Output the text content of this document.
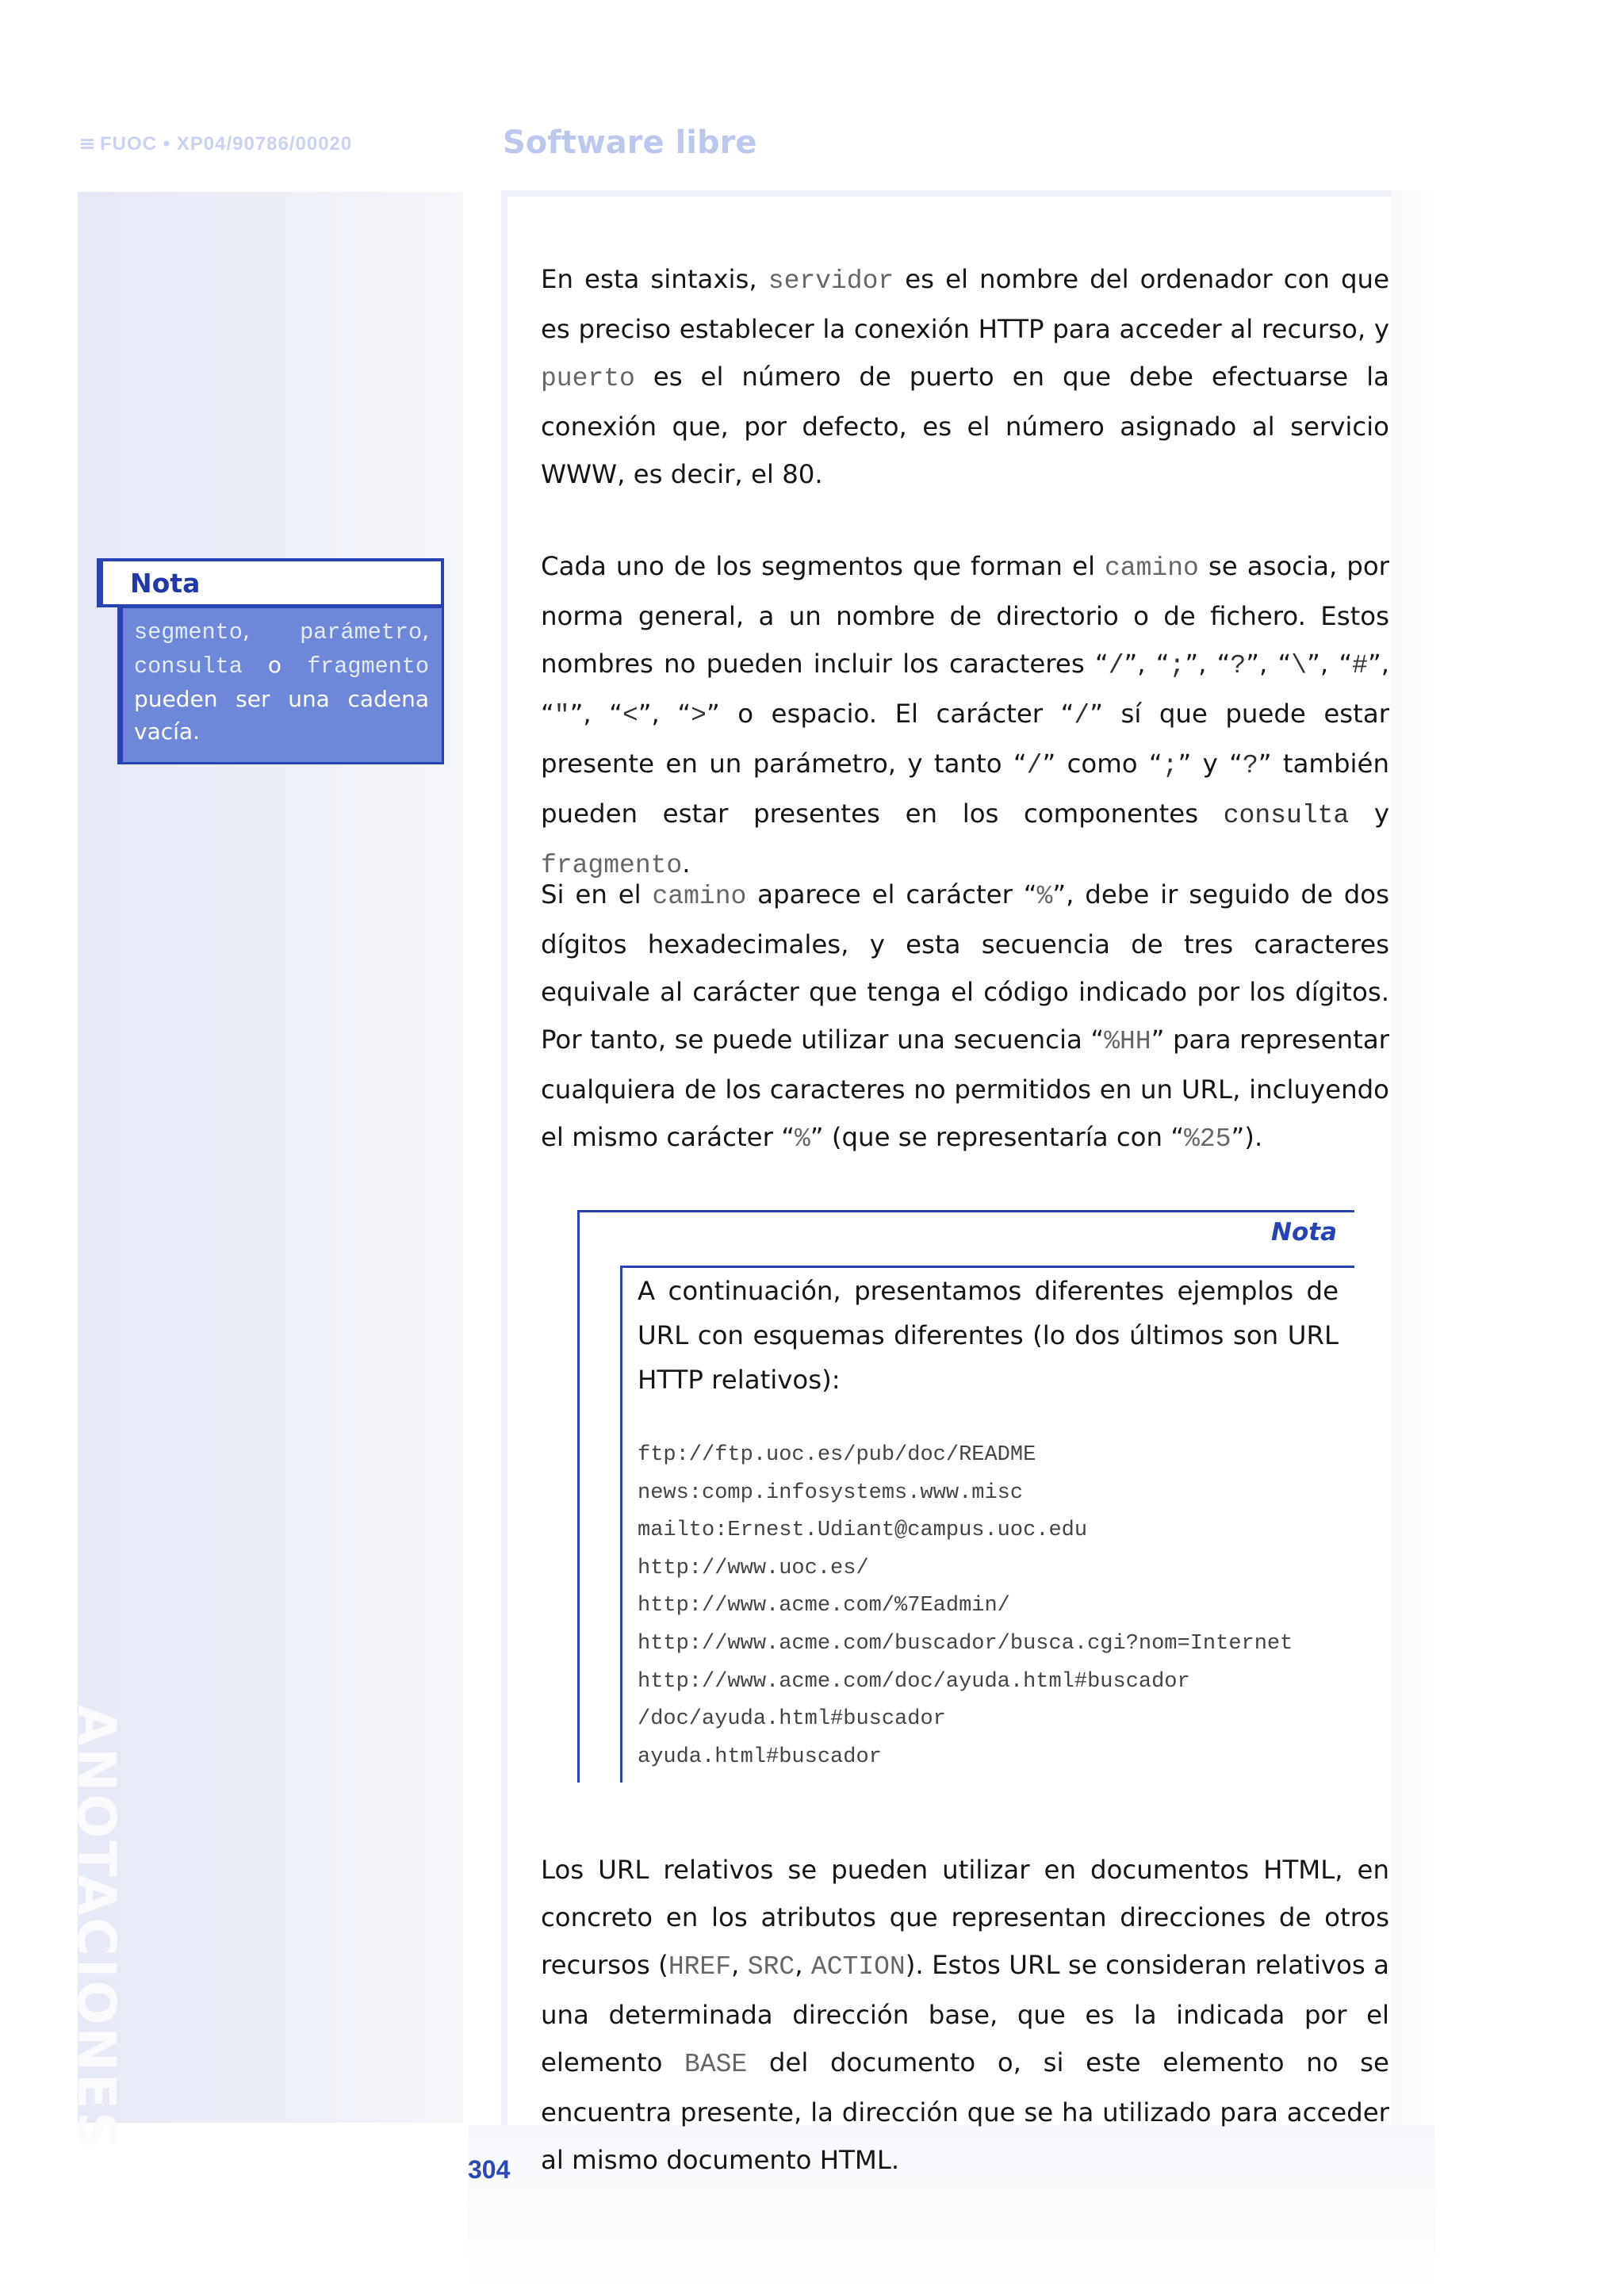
FUOC • XP04/90786/00020	Software libre
ANOTACIONES

En esta sintaxis, servidor es el nombre del ordenador con que es preciso establecer la conexión HTTP para acceder al recurso, y puerto es el número de puerto en que debe efectuarse la conexión que, por defecto, es el número asignado al servicio WWW, es decir, el 80.

Cada uno de los segmentos que forman el camino se asocia, por norma general, a un nombre de directorio o de fichero. Estos nombres no pueden incluir los caracteres “/”, “;”, “?”, “\”, “#”, “"”, “<”, “>” o espacio. El carácter “/” sí que puede estar presente en un parámetro, y tanto “/” como “;” y “?” también pueden estar presentes en los componentes consulta y fragmento.

Si en el camino aparece el carácter “%”, debe ir seguido de dos dígitos hexadecimales, y esta secuencia de tres caracteres equivale al carácter que tenga el código indicado por los dígitos. Por tanto, se puede utilizar una secuencia “%HH” para representar cualquiera de los caracteres no permitidos en un URL, incluyendo el mismo carácter “%” (que se representaría con “%25”).

Nota
segmento, parámetro, consulta o fragmento pueden ser una cadena vacía.
Nota

A continuación, presentamos diferentes ejemplos de URL con esquemas diferentes (lo dos últimos son URL HTTP relativos):

ftp://ftp.uoc.es/pub/doc/README
news:comp.infosystems.www.misc
mailto:Ernest.Udiant@campus.uoc.edu
http://www.uoc.es/
http://www.acme.com/%7Eadmin/
http://www.acme.com/buscador/busca.cgi?nom=Internet
http://www.acme.com/doc/ayuda.html#buscador
/doc/ayuda.html#buscador
ayuda.html#buscador

Los URL relativos se pueden utilizar en documentos HTML, en concreto en los atributos que representan direcciones de otros recursos (HREF, SRC, ACTION). Estos URL se consideran relativos a una determinada dirección base, que es la indicada por el elemento BASE del documento o, si este elemento no se encuentra presente, la dirección que se ha utilizado para acceder al mismo documento HTML.

304
